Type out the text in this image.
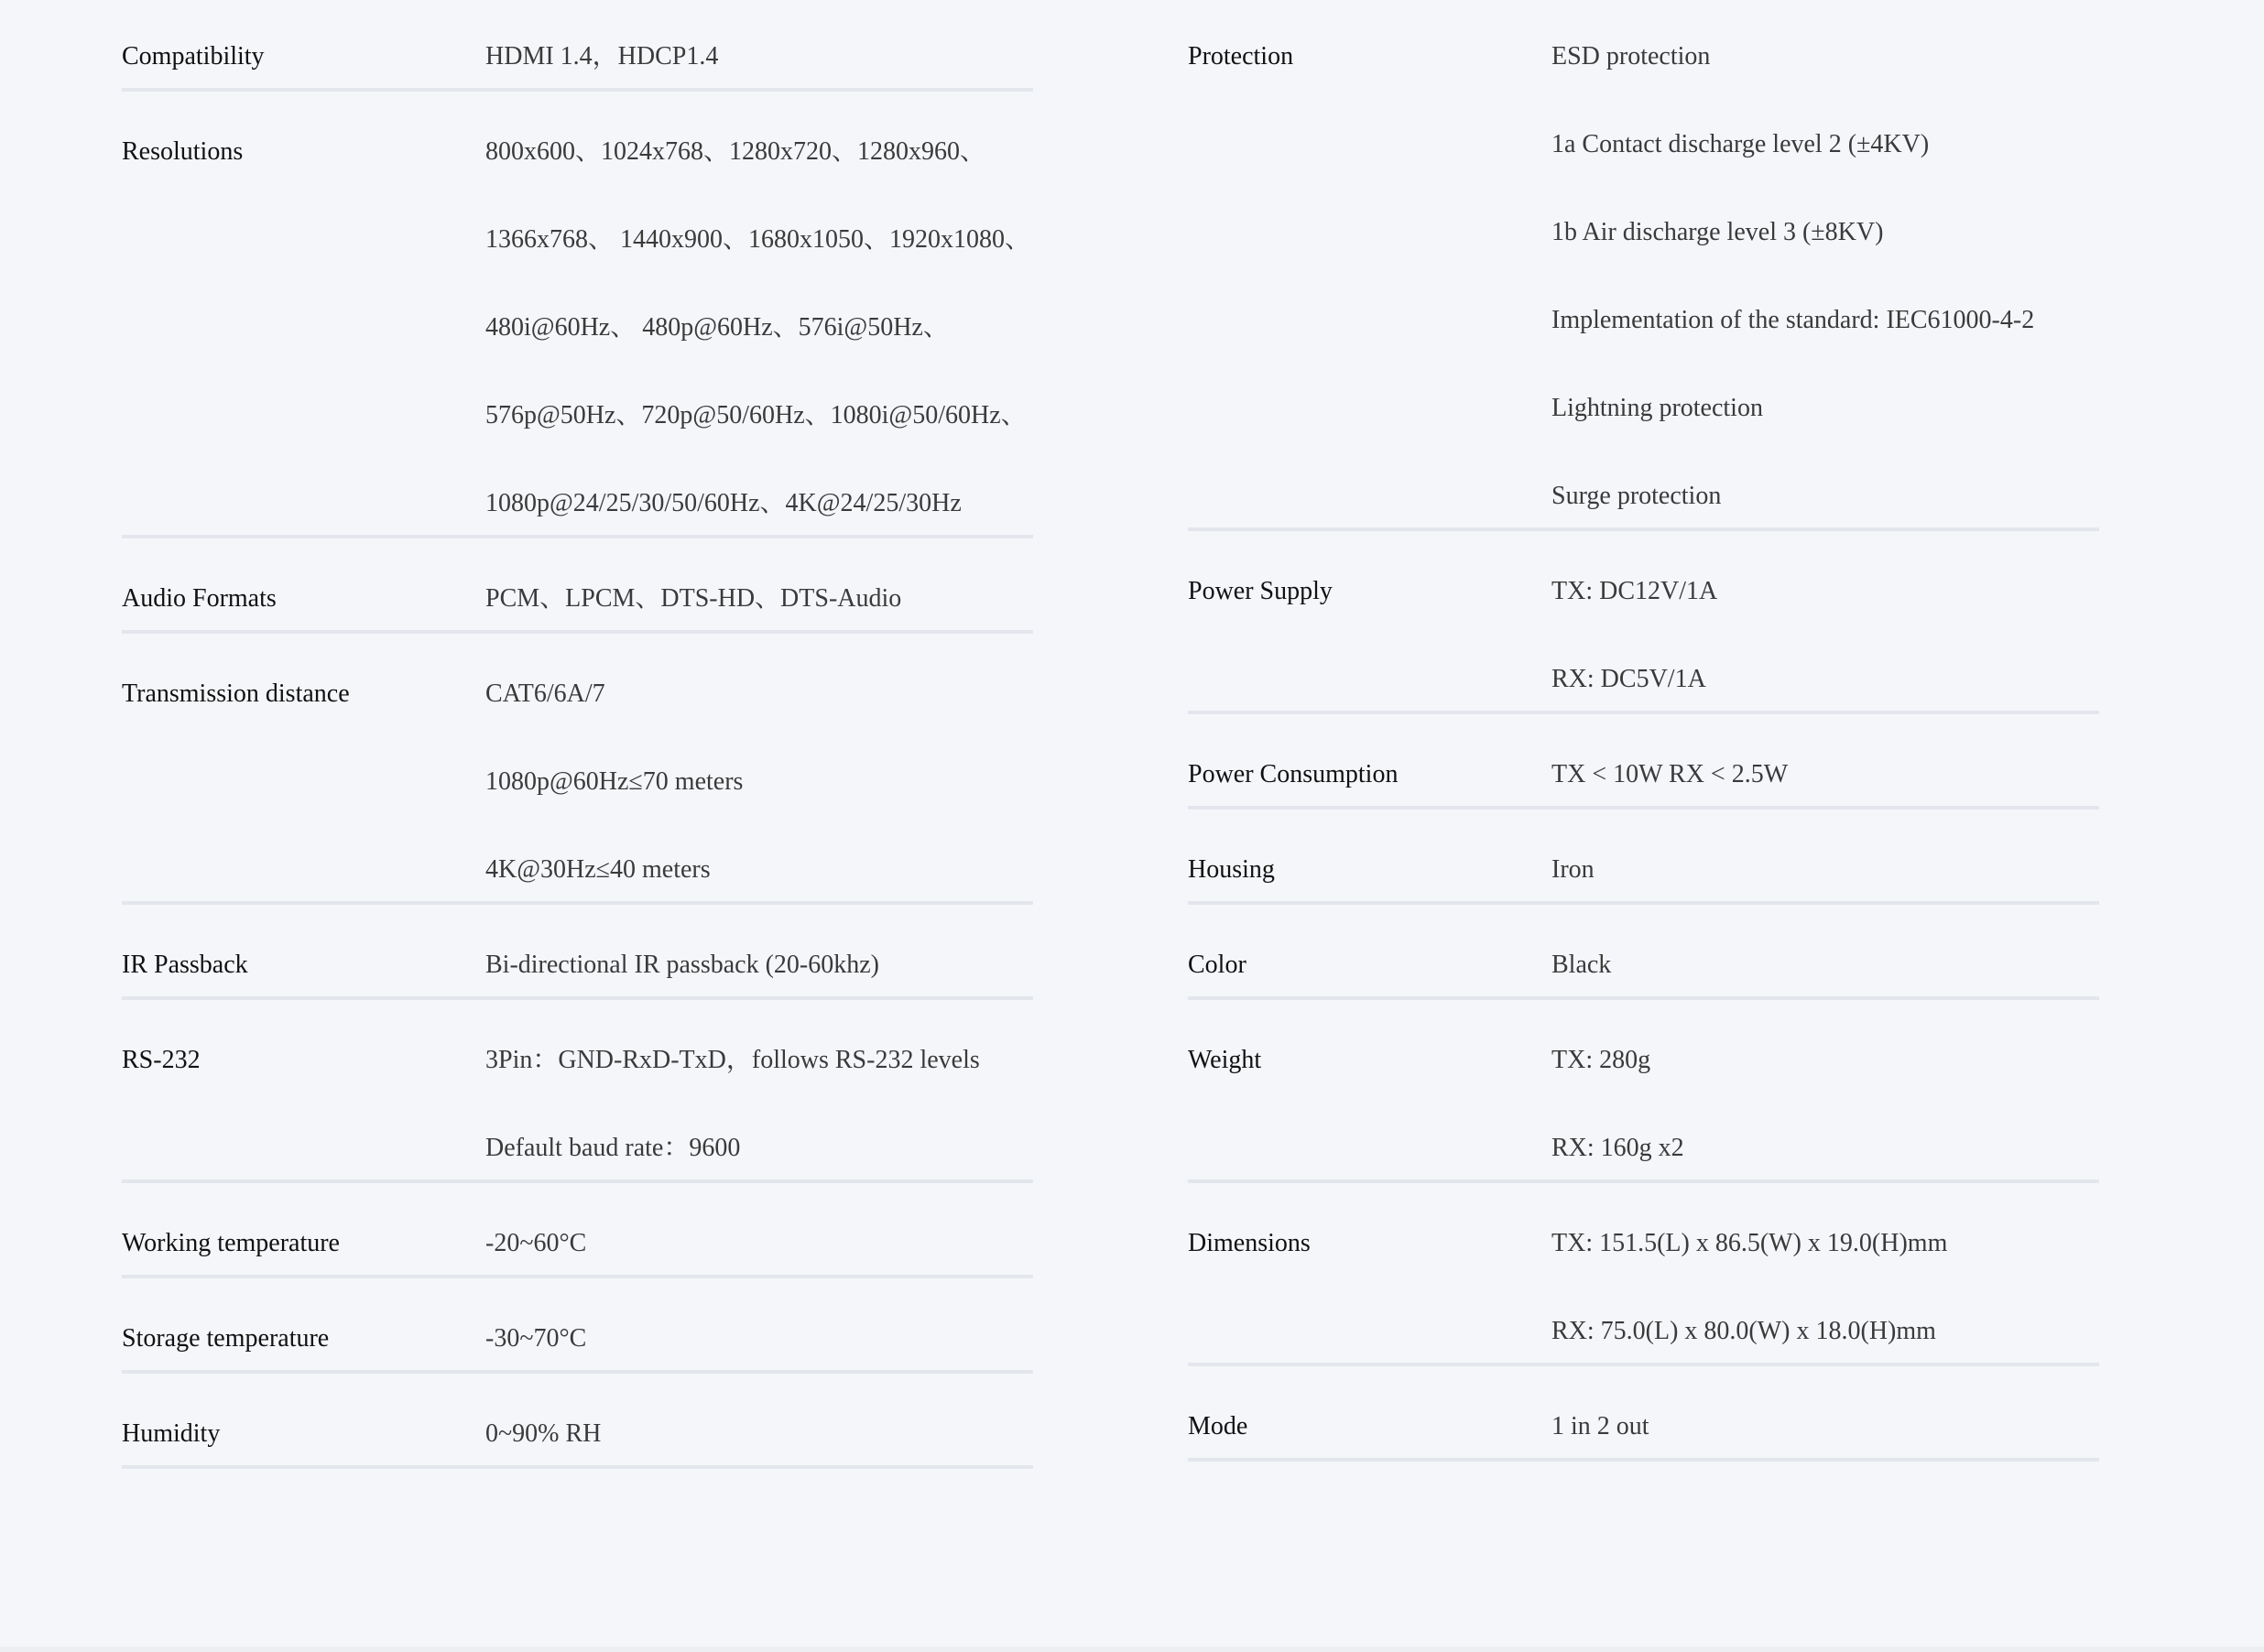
Compatibility	HDMI 1.4，HDCP1.4
Resolutions	800x600、1024x768、1280x720、1280x960、
1366x768、 1440x900、1680x1050、1920x1080、
480i@60Hz、 480p@60Hz、576i@50Hz、
576p@50Hz、720p@50/60Hz、1080i@50/60Hz、
1080p@24/25/30/50/60Hz、4K@24/25/30Hz
Audio Formats	PCM、LPCM、DTS-HD、DTS-Audio
Transmission distance	CAT6/6A/7
1080p@60Hz≤70 meters
4K@30Hz≤40 meters
IR Passback	Bi-directional IR passback (20-60khz)
RS-232	3Pin：GND-RxD-TxD，follows RS-232 levels
Default baud rate：9600
Working temperature	-20~60°C
Storage temperature	-30~70°C
Humidity	0~90% RH
Protection	ESD protection
1a Contact discharge level 2 (±4KV)
1b Air discharge level 3 (±8KV)
Implementation of the standard: IEC61000-4-2
Lightning protection
Surge protection
Power Supply	TX: DC12V/1A
RX: DC5V/1A
Power Consumption	TX < 10W RX < 2.5W
Housing	Iron
Color	Black
Weight	TX: 280g
RX: 160g x2
Dimensions	TX: 151.5(L) x 86.5(W) x 19.0(H)mm
RX: 75.0(L) x 80.0(W) x 18.0(H)mm
Mode	1 in 2 out
